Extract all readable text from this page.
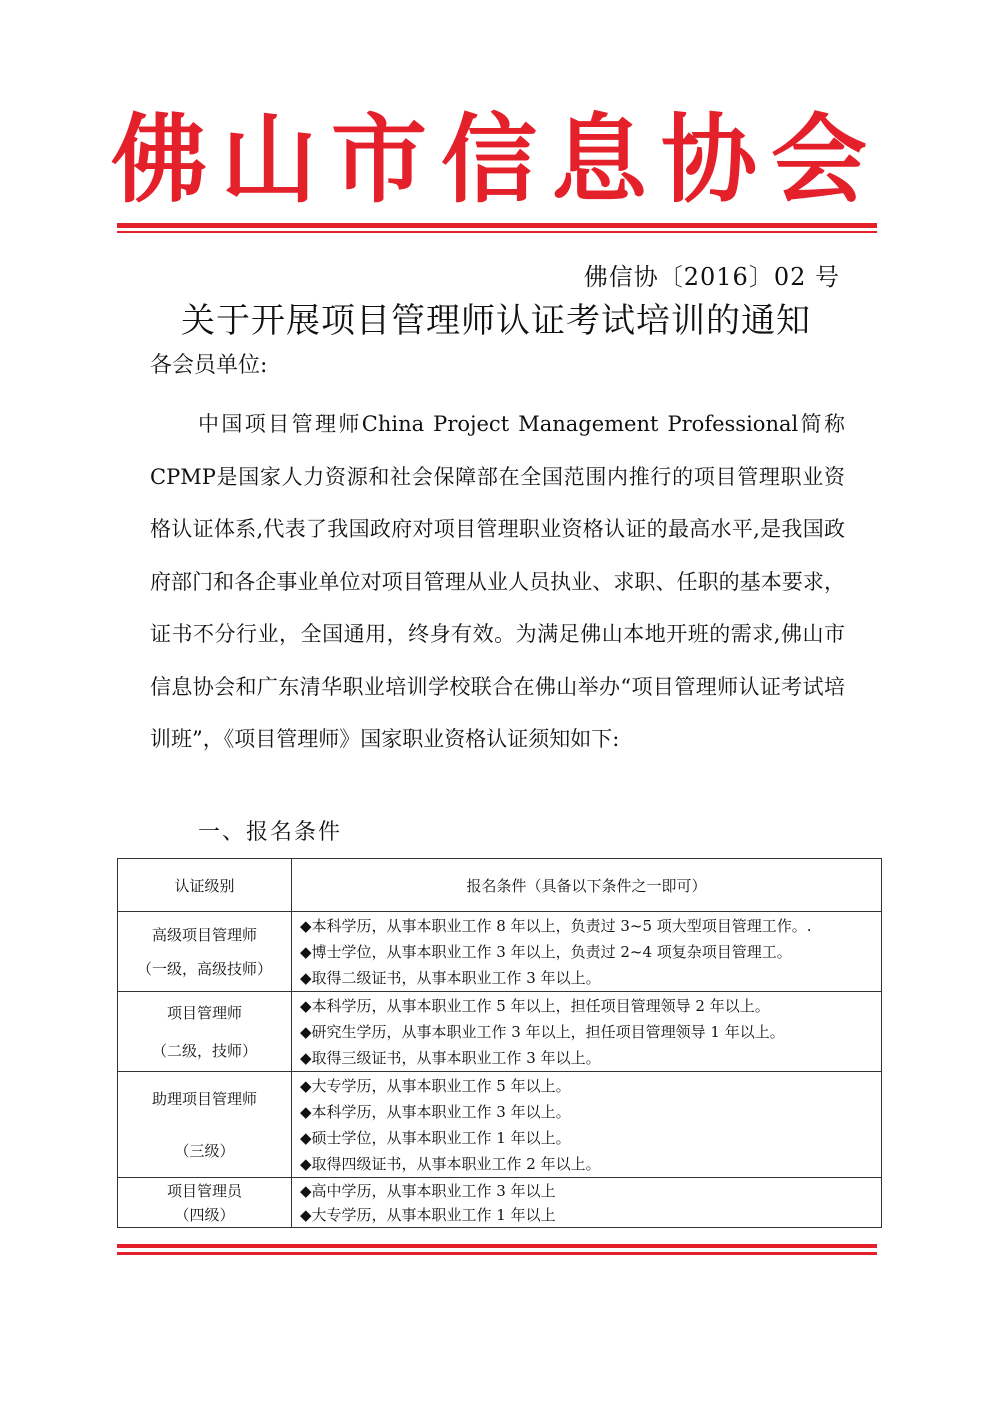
佛山市信息协会
佛信协〔2016〕02 号
关于开展项目管理师认证考试培训的通知
各会员单位:

中国项目管理师China Project Management Professional简称CPMP是国家人力资源和社会保障部在全国范围内推行的项目管理职业资格认证体系,代表了我国政府对项目管理职业资格认证的最高水平,是我国政府部门和各企事业单位对项目管理从业人员执业、求职、任职的基本要求，证书不分行业，全国通用，终身有效。为满足佛山本地开班的需求,佛山市信息协会和广东清华职业培训学校联合在佛山举办“项目管理师认证考试培训班”，《项目管理师》国家职业资格认证须知如下:

一、报名条件
认证级别	报名条件（具备以下条件之一即可）

高级项目管理师
（一级，高级技师）	◆本科学历，从事本职业工作 8 年以上，负责过 3~5 项大型项目管理工作。.
◆博士学位，从事本职业工作 3 年以上，负责过 2~4 项复杂项目管理工。
◆取得二级证书，从事本职业工作 3 年以上。

项目管理师
（二级，技师）	◆本科学历，从事本职业工作 5 年以上，担任项目管理领导 2 年以上。
◆研究生学历，从事本职业工作 3 年以上，担任项目管理领导 1 年以上。
◆取得三级证书，从事本职业工作 3 年以上。

助理项目管理师
（三级）	◆大专学历，从事本职业工作 5 年以上。
◆本科学历，从事本职业工作 3 年以上。
◆硕士学位，从事本职业工作 1 年以上。
◆取得四级证书，从事本职业工作 2 年以上。

项目管理员
（四级）	◆高中学历，从事本职业工作 3 年以上
◆大专学历，从事本职业工作 1 年以上
